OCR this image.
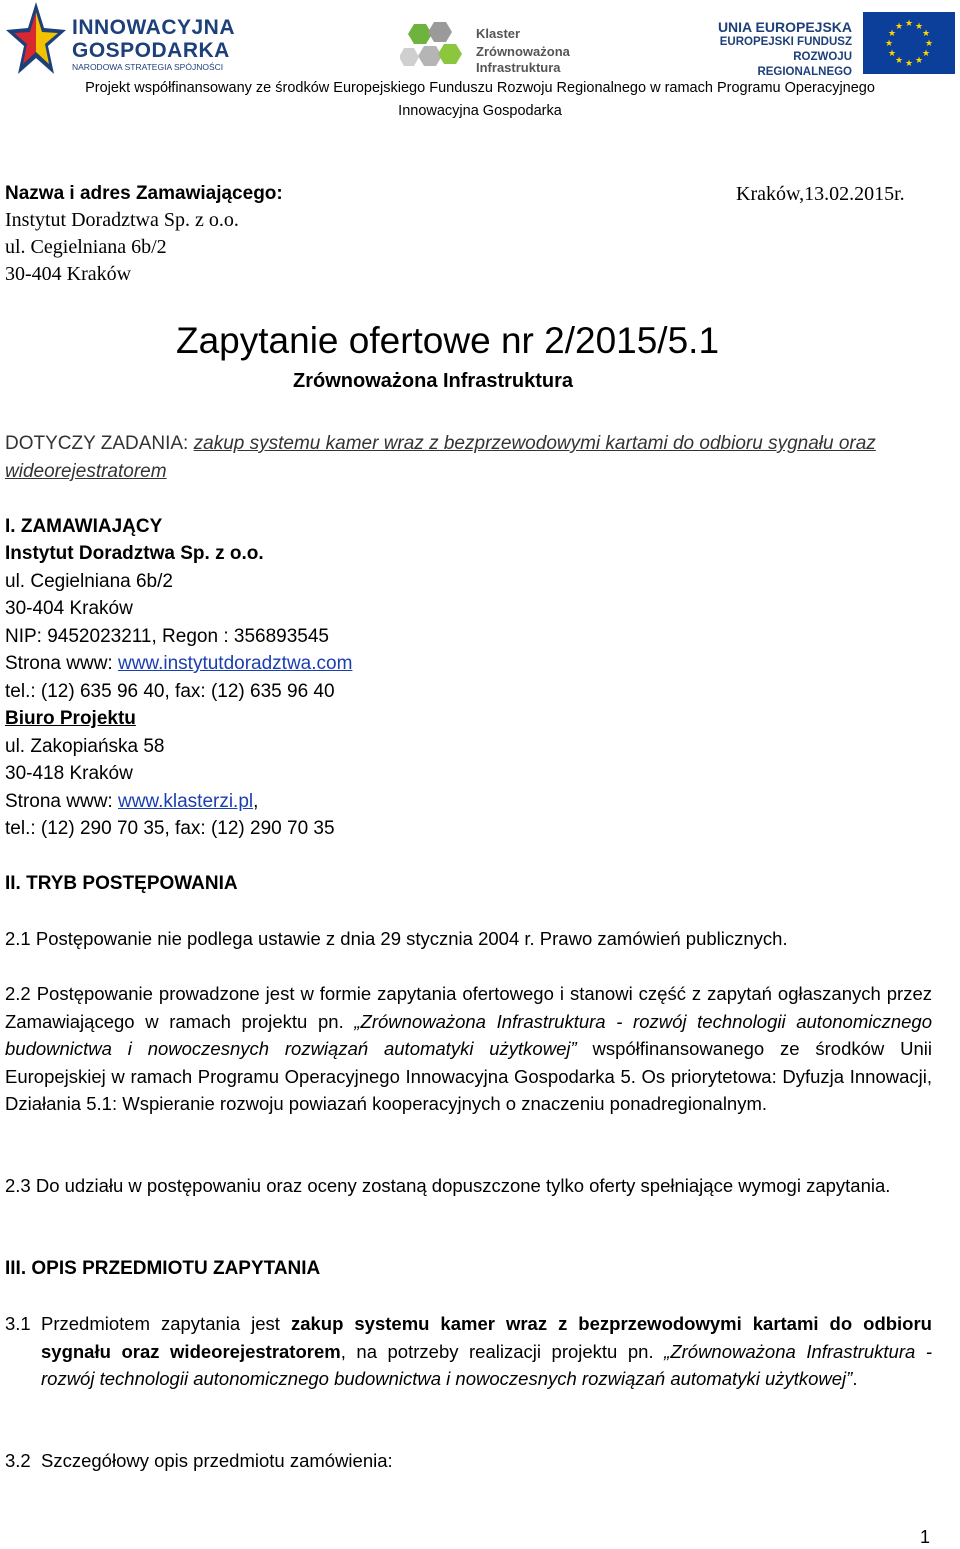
INNOWACYJNA
GOSPODARKA
NARODOWA STRATEGIA SPÓJNOŚCI
Klaster
Zrównoważona
Infrastruktura
UNIA EUROPEJSKA
EUROPEJSKI FUNDUSZ
ROZWOJU REGIONALNEGO
★ ★
★
★
★
★
★
★
★
★
★
★
Projekt współfinansowany ze środków Europejskiego Funduszu Rozwoju Regionalnego w ramach Programu Operacyjnego
Innowacyjna Gospodarka
Nazwa i adres Zamawiającego:
Instytut Doradztwa Sp. z o.o.
ul. Cegielniana 6b/2
30-404 Kraków
Kraków,13.02.2015r.
Zapytanie ofertowe nr 2/2015/5.1
Zrównoważona Infrastruktura
DOTYCZY ZADANIA: zakup systemu kamer wraz z bezprzewodowymi kartami do odbioru sygnału oraz
wideorejestratorem
I. ZAMAWIAJĄCY
Instytut Doradztwa Sp. z o.o.
ul. Cegielniana 6b/2
30-404 Kraków
NIP: 9452023211, Regon : 356893545
Strona www: www.instytutdoradztwa.com
tel.: (12) 635 96 40, fax: (12) 635 96 40
Biuro Projektu
ul. Zakopiańska 58
30-418 Kraków
Strona www: www.klasterzi.pl,
tel.: (12) 290 70 35, fax: (12) 290 70 35
II. TRYB POSTĘPOWANIA
2.1 Postępowanie nie podlega ustawie z dnia 29 stycznia 2004 r. Prawo zamówień publicznych.
2.2 Postępowanie prowadzone jest w formie zapytania ofertowego i stanowi część z zapytań ogłaszanych przez Zamawiającego w ramach projektu pn. „Zrównoważona Infrastruktura - rozwój technologii autonomicznego budownictwa i nowoczesnych rozwiązań automatyki użytkowej” współfinansowanego ze środków Unii Europejskiej w ramach Programu Operacyjnego Innowacyjna Gospodarka 5. Os priorytetowa: Dyfuzja Innowacji, Działania 5.1: Wspieranie rozwoju powiazań kooperacyjnych o znaczeniu ponadregionalnym.
2.3 Do udziału w postępowaniu oraz oceny zostaną dopuszczone tylko oferty spełniające wymogi zapytania.
III. OPIS PRZEDMIOTU ZAPYTANIA
3.1 Przedmiotem zapytania jest zakup systemu kamer wraz z bezprzewodowymi kartami do odbioru sygnału oraz wideorejestratorem, na potrzeby realizacji projektu pn. „Zrównoważona Infrastruktura - rozwój technologii autonomicznego budownictwa i nowoczesnych rozwiązań automatyki użytkowej”.
3.2 Szczegółowy opis przedmiotu zamówienia:
1
